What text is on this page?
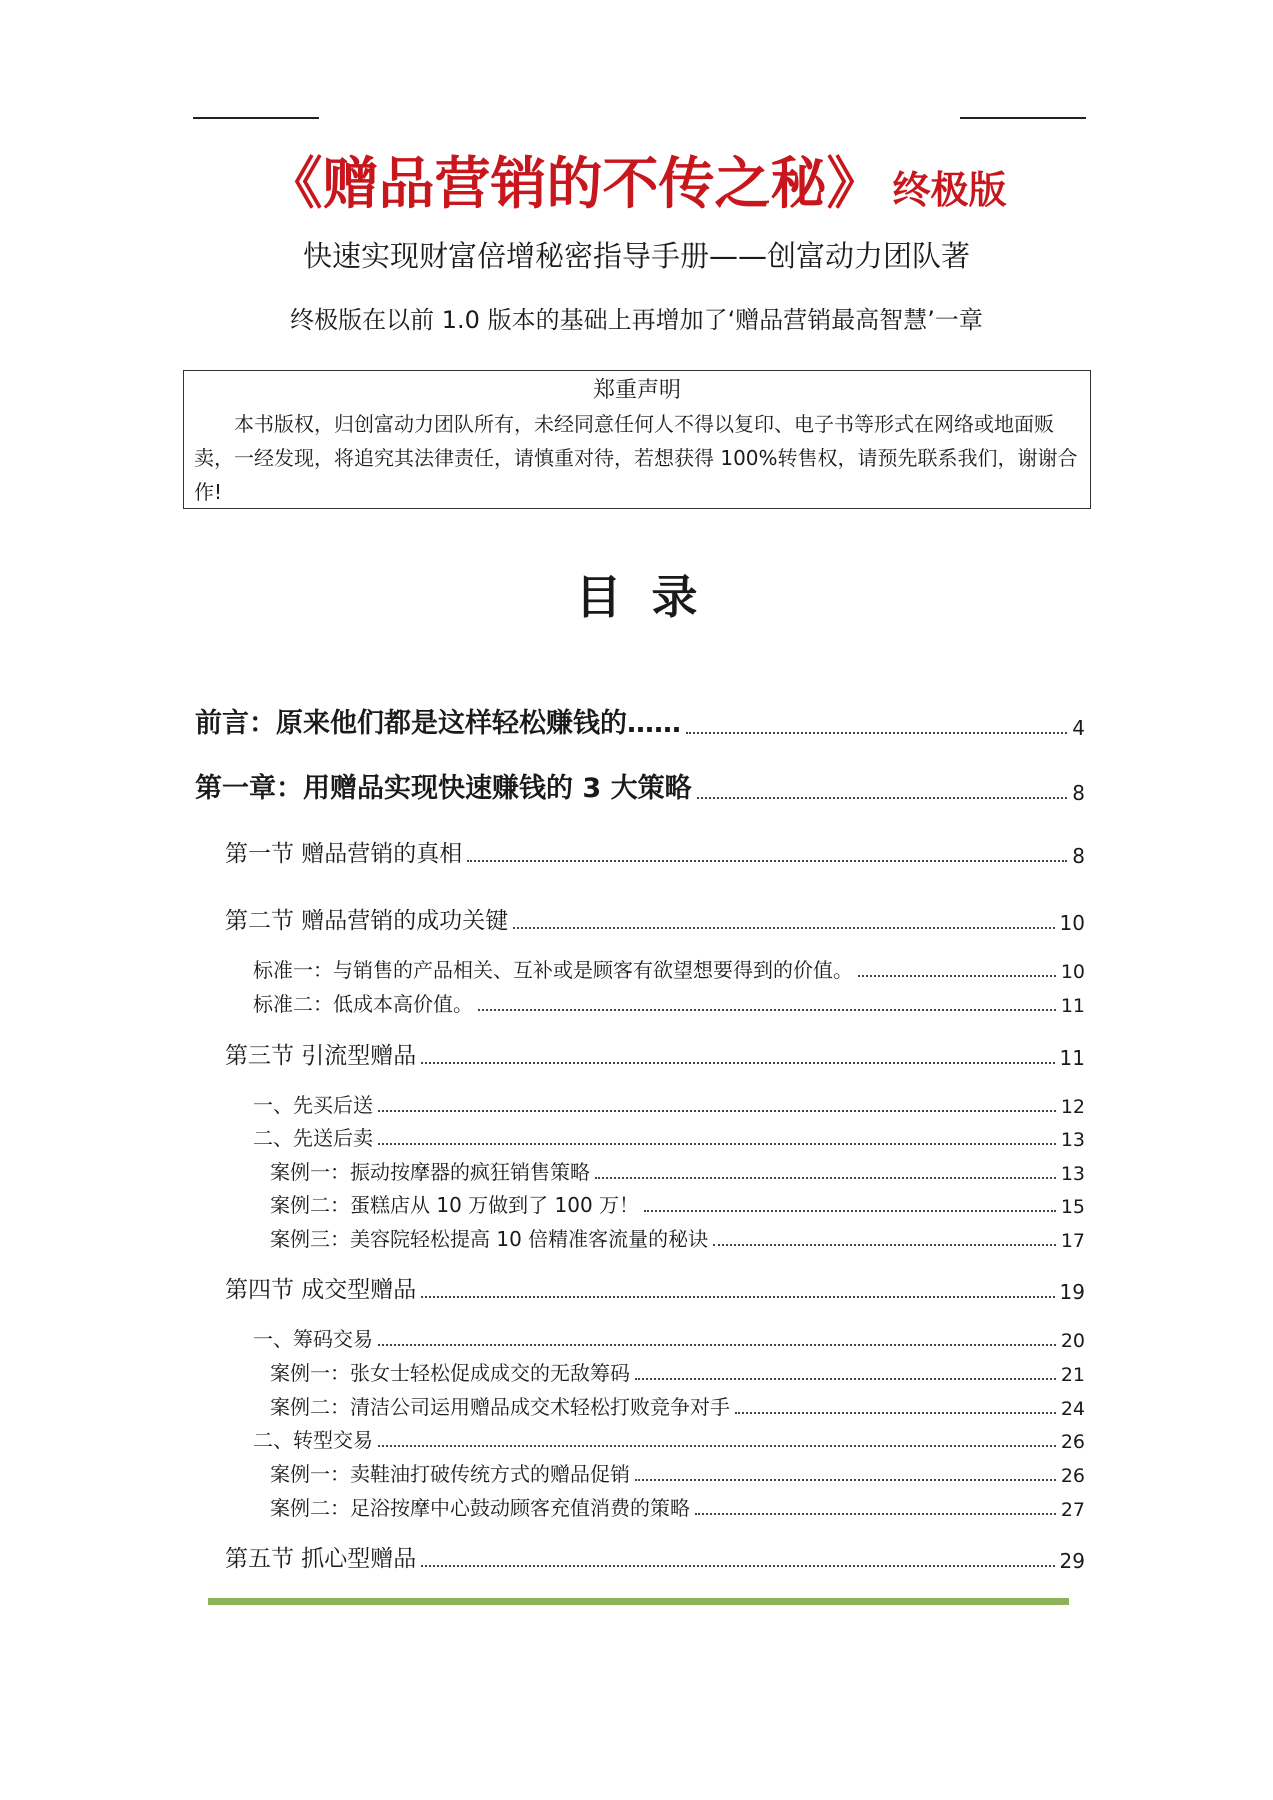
《赠品营销的不传之秘》 终极版
快速实现财富倍增秘密指导手册——创富动力团队著
终极版在以前 1.0 版本的基础上再增加了‘赠品营销最高智慧’一章
郑重声明
本书版权，归创富动力团队所有，未经同意任何人不得以复印、电子书等形式在网络或地面贩卖，一经发现，将追究其法律责任，请慎重对待，若想获得 100%转售权，请预先联系我们，谢谢合作!
目录
前言：原来他们都是这样轻松赚钱的……	4
第一章：用赠品实现快速赚钱的 3 大策略	8
第一节 赠品营销的真相	8
第二节 赠品营销的成功关键	10
标准一：与销售的产品相关、互补或是顾客有欲望想要得到的价值。	10
标准二：低成本高价值。	11
第三节 引流型赠品	11
一、先买后送	12
二、先送后卖	13
案例一：振动按摩器的疯狂销售策略	13
案例二：蛋糕店从 10 万做到了 100 万！	15
案例三：美容院轻松提高 10 倍精准客流量的秘诀	17
第四节 成交型赠品	19
一、筹码交易	20
案例一：张女士轻松促成成交的无敌筹码	21
案例二：清洁公司运用赠品成交术轻松打败竞争对手	24
二、转型交易	26
案例一：卖鞋油打破传统方式的赠品促销	26
案例二：足浴按摩中心鼓动顾客充值消费的策略	27
第五节 抓心型赠品	29
